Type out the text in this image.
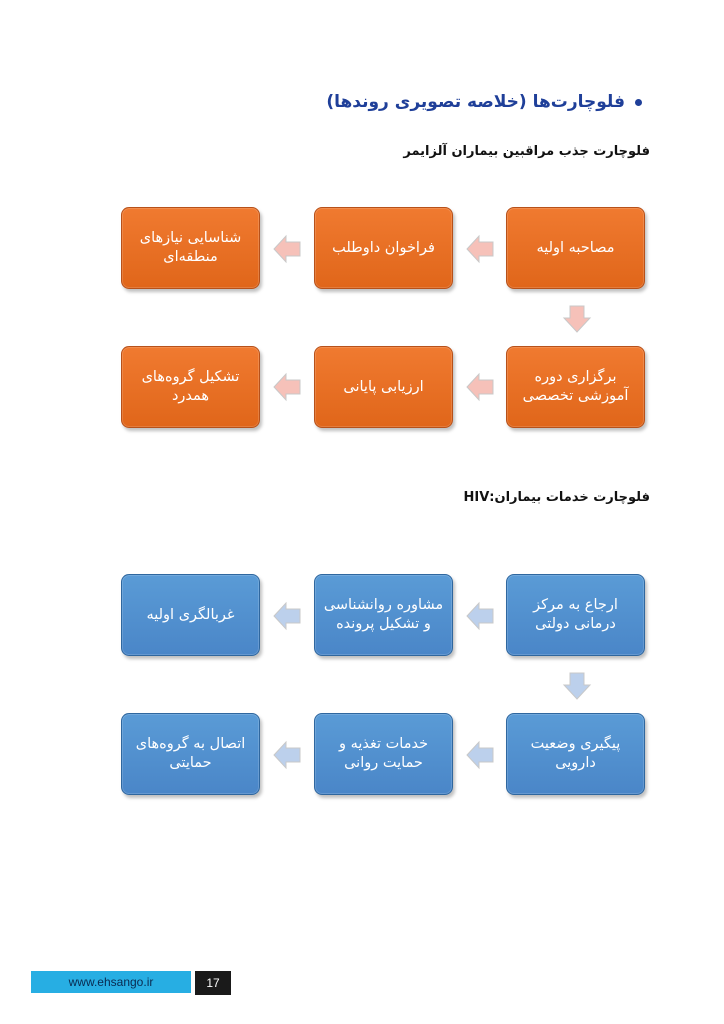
فلوچارت‌ها (خلاصه تصویری روندها)
فلوچارت جذب مراقبین بیماران آلزایمر
مصاحبه اولیه
فراخوان داوطلب
شناسایی نیازهای منطقه‌ای
برگزاری دوره آموزشی تخصصی
ارزیابی پایانی
تشکیل گروه‌های همدرد
فلوچارت خدمات بیماران:HIV
ارجاع به مرکز درمانی دولتی
مشاوره روانشناسی و تشکیل پرونده
غربالگری اولیه
پیگیری وضعیت دارویی
خدمات تغذیه و حمایت روانی
اتصال به گروه‌های حمایتی
www.ehsango.ir	17
